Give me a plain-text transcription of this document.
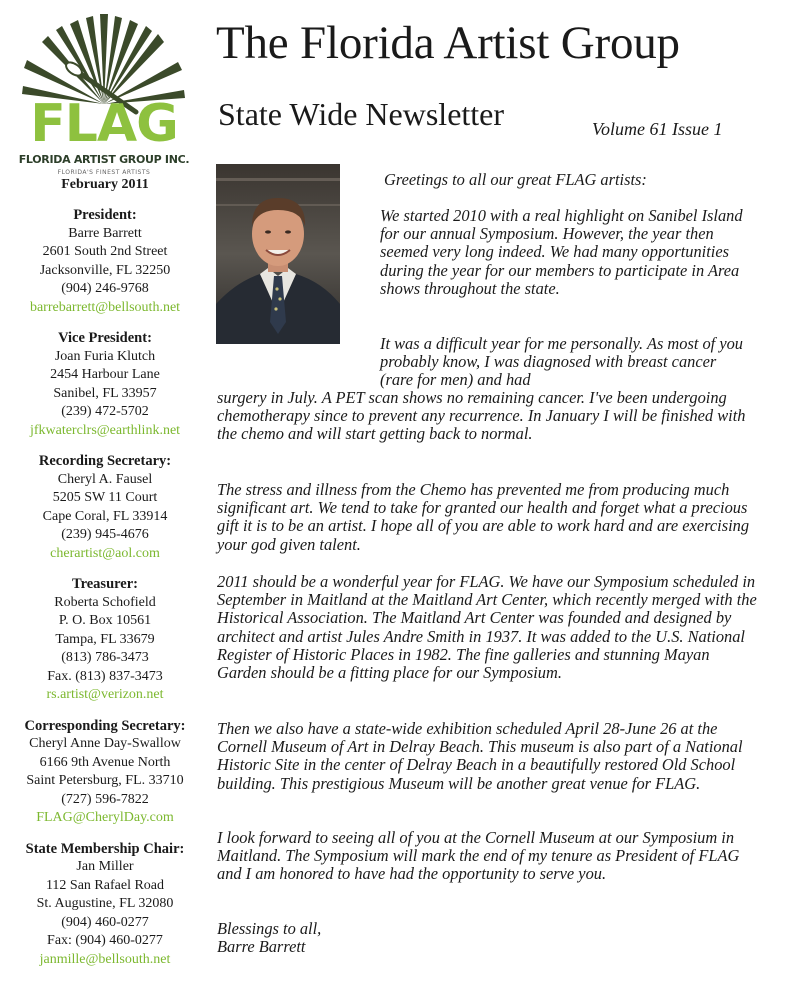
FLAG
FLORIDA ARTIST GROUP INC.
FLORIDA'S FINEST ARTISTS
The Florida Artist Group
State Wide Newsletter	Volume 61 Issue 1
February 2011
President:
Barre Barrett
2601 South 2nd Street
Jacksonville, FL 32250
(904) 246-9768
barrebarrett@bellsouth.net
Vice President:
Joan Furia Klutch
2454 Harbour Lane
Sanibel, FL 33957
(239) 472-5702
jfkwaterclrs@earthlink.net
Recording Secretary:
Cheryl A. Fausel
5205 SW 11 Court
Cape Coral, FL 33914
(239) 945-4676
cherartist@aol.com
Treasurer:
Roberta Schofield
P. O. Box 10561
Tampa, FL 33679
(813) 786-3473
Fax. (813) 837-3473
rs.artist@verizon.net
Corresponding Secretary:
Cheryl Anne Day-Swallow
6166 9th Avenue North
Saint Petersburg, FL. 33710
(727) 596-7822
FLAG@CherylDay.com
State Membership Chair:
Jan Miller
112 San Rafael Road
St. Augustine, FL 32080
(904) 460-0277
Fax: (904) 460-0277
janmille@bellsouth.net
Greetings to all our great FLAG artists:
We started 2010 with a real highlight on Sanibel Island for our annual Symposium. However, the year then seemed very long indeed. We had many opportunities during the year for our members to participate in Area shows throughout the state.
It was a difficult year for me personally. As most of you probably know, I was diagnosed with breast cancer (rare for men) and had
surgery in July. A PET scan shows no remaining cancer. I've been undergoing chemotherapy since to prevent any recurrence. In January I will be finished with the chemo and will start getting back to normal.
The stress and illness from the Chemo has prevented me from producing much significant art. We tend to take for granted our health and forget what a precious gift it is to be an artist. I hope all of you are able to work hard and are exercising your god given talent.
2011 should be a wonderful year for FLAG. We have our Symposium scheduled in September in Maitland at the Maitland Art Center, which recently merged with the Historical Association. The Maitland Art Center was founded and designed by architect and artist Jules Andre Smith in 1937. It was added to the U.S. National Register of Historic Places in 1982. The fine galleries and stunning Mayan Garden should be a fitting place for our Symposium.
Then we also have a state-wide exhibition scheduled April 28-June 26 at the Cornell Museum of Art in Delray Beach. This museum is also part of a National Historic Site in the center of Delray Beach in a beautifully restored Old School building. This prestigious Museum will be another great venue for FLAG.
I look forward to seeing all of you at the Cornell Museum at our Symposium in Maitland. The Symposium will mark the end of my tenure as President of FLAG and I am honored to have had the opportunity to serve you.
Blessings to all,
Barre Barrett
